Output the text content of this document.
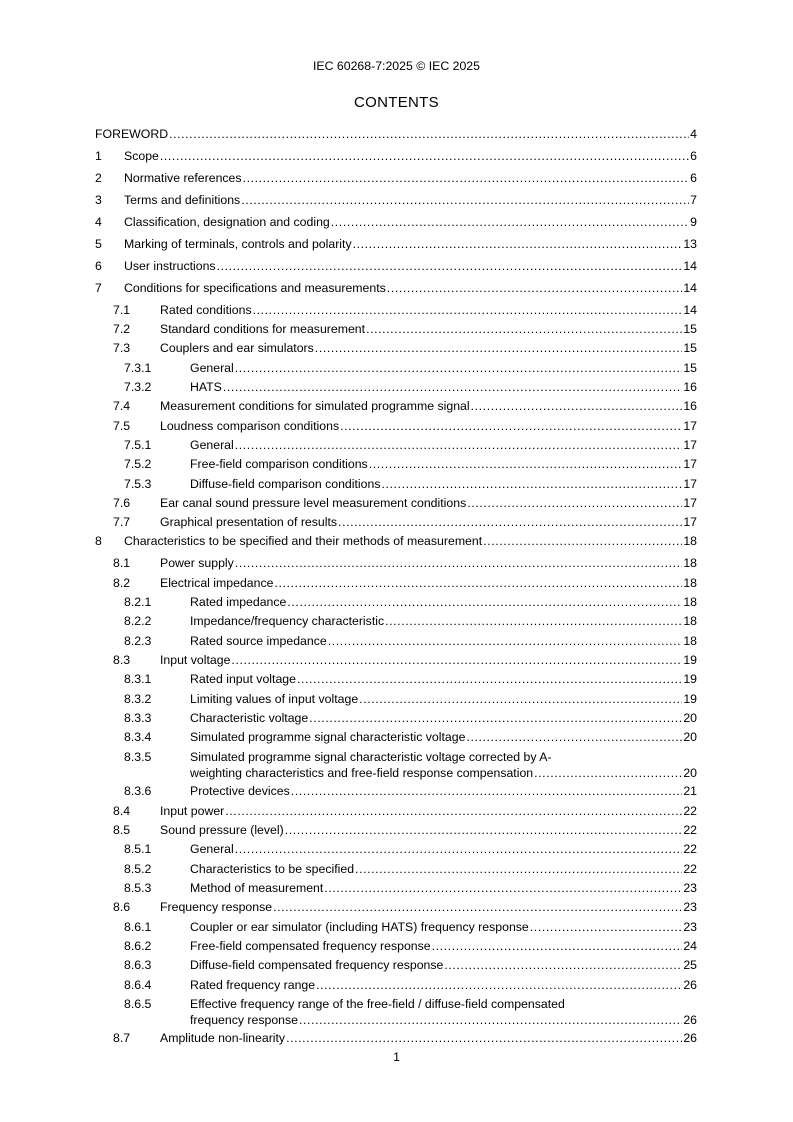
IEC 60268-7:2025 © IEC 2025
CONTENTS
FOREWORD .....	4
1 Scope .....	6
2 Normative references .....	6
3 Terms and definitions .....	7
4 Classification, designation and coding .....	9
5 Marking of terminals, controls and polarity .....	13
6 User instructions .....	14
7 Conditions for specifications and measurements .....	14
7.1 Rated conditions .....	14
7.2 Standard conditions for measurement .....	15
7.3 Couplers and ear simulators .....	15
7.3.1	General .....	15
7.3.2	HATS .....	16
7.4 Measurement conditions for simulated programme signal .....	16
7.5 Loudness comparison conditions .....	17
7.5.1	General .....	17
7.5.2	Free-field comparison conditions .....	17
7.5.3	Diffuse-field comparison conditions .....	17
7.6 Ear canal sound pressure level measurement conditions .....	17
7.7 Graphical presentation of results .....	17
8 Characteristics to be specified and their methods of measurement .....	18
8.1 Power supply .....	18
8.2 Electrical impedance .....	18
8.2.1	Rated impedance .....	18
8.2.2	Impedance/frequency characteristic .....	18
8.2.3	Rated source impedance .....	18
8.3 Input voltage .....	19
8.3.1	Rated input voltage .....	19
8.3.2	Limiting values of input voltage .....	19
8.3.3	Characteristic voltage .....	20
8.3.4	Simulated programme signal characteristic voltage .....	20
8.3.5	Simulated programme signal characteristic voltage corrected by A-
weighting characteristics and free-field response compensation .....	20
8.3.6	Protective devices .....	21
8.4 Input power .....	22
8.5 Sound pressure (level) .....	22
8.5.1	General .....	22
8.5.2	Characteristics to be specified .....	22
8.5.3	Method of measurement .....	23
8.6 Frequency response .....	23
8.6.1	Coupler or ear simulator (including HATS) frequency response .....	23
8.6.2	Free-field compensated frequency response .....	24
8.6.3	Diffuse-field compensated frequency response .....	25
8.6.4	Rated frequency range .....	26
8.6.5	Effective frequency range of the free-field / diffuse-field compensated
frequency response .....	26
8.7 Amplitude non-linearity .....	26
1
